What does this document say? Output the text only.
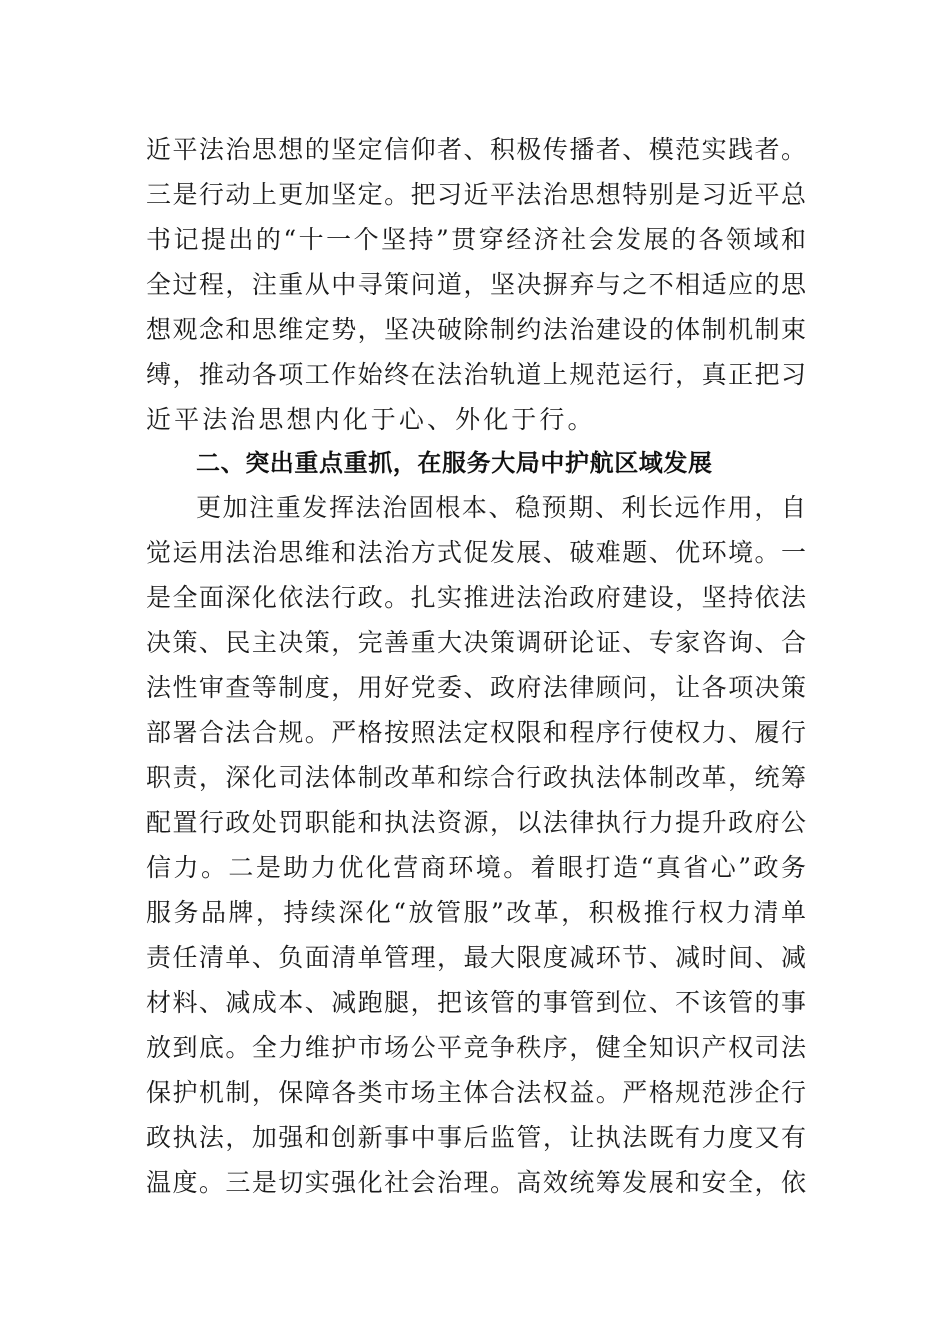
近平法治思想的坚定信仰者、积极传播者、模范实践者。
三是行动上更加坚定。把习近平法治思想特别是习近平总
书记提出的“十一个坚持”贯穿经济社会发展的各领域和
全过程，注重从中寻策问道，坚决摒弃与之不相适应的思
想观念和思维定势，坚决破除制约法治建设的体制机制束
缚，推动各项工作始终在法治轨道上规范运行，真正把习
近平法治思想内化于心、外化于行。
二、突出重点重抓，在服务大局中护航区域发展
更加注重发挥法治固根本、稳预期、利长远作用，自
觉运用法治思维和法治方式促发展、破难题、优环境。一
是全面深化依法行政。扎实推进法治政府建设，坚持依法
决策、民主决策，完善重大决策调研论证、专家咨询、合
法性审查等制度，用好党委、政府法律顾问，让各项决策
部署合法合规。严格按照法定权限和程序行使权力、履行
职责，深化司法体制改革和综合行政执法体制改革，统筹
配置行政处罚职能和执法资源，以法律执行力提升政府公
信力。二是助力优化营商环境。着眼打造“真省心”政务
服务品牌，持续深化“放管服”改革，积极推行权力清单
责任清单、负面清单管理，最大限度减环节、减时间、减
材料、减成本、减跑腿，把该管的事管到位、不该管的事
放到底。全力维护市场公平竞争秩序，健全知识产权司法
保护机制，保障各类市场主体合法权益。严格规范涉企行
政执法，加强和创新事中事后监管，让执法既有力度又有
温度。三是切实强化社会治理。高效统筹发展和安全，依
